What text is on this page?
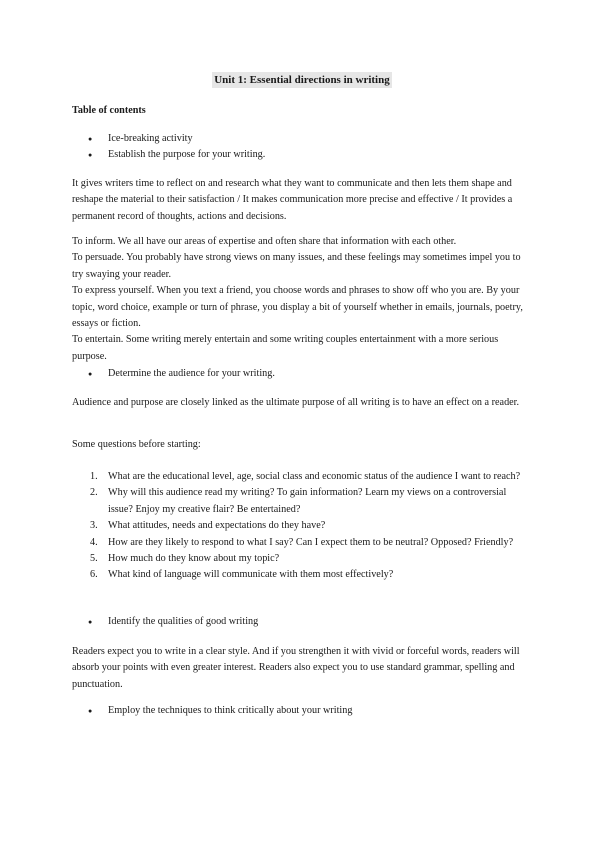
Unit 1: Essential directions in writing

Table of contents

● Ice-breaking activity
● Establish the purpose for your writing.

It gives writers time to reflect on and research what they want to communicate and then lets them shape and reshape the material to their satisfaction / It makes communication more precise and effective / It provides a permanent record of thoughts, actions and decisions.

To inform. We all have our areas of expertise and often share that information with each other.
To persuade. You probably have strong views on many issues, and these feelings may sometimes impel you to try swaying your reader.
To express yourself. When you text a friend, you choose words and phrases to show off who you are. By your topic, word choice, example or turn of phrase, you display a bit of yourself whether in emails, journals, poetry, essays or fiction.
To entertain. Some writing merely entertain and some writing couples entertainment with a more serious purpose.
● Determine the audience for your writing.

Audience and purpose are closely linked as the ultimate purpose of all writing is to have an effect on a reader.

Some questions before starting:

What are the educational level, age, social class and economic status of the audience I want to reach?
Why will this audience read my writing? To gain information? Learn my views on a controversial issue? Enjoy my creative flair? Be entertained?
What attitudes, needs and expectations do they have?
How are they likely to respond to what I say? Can I expect them to be neutral? Opposed? Friendly?
How much do they know about my topic?
What kind of language will communicate with them most effectively?
● Identify the qualities of good writing

Readers expect you to write in a clear style. And if you strengthen it with vivid or forceful words, readers will absorb your points with even greater interest. Readers also expect you to use standard grammar, spelling and punctuation.

● Employ the techniques to think critically about your writing
